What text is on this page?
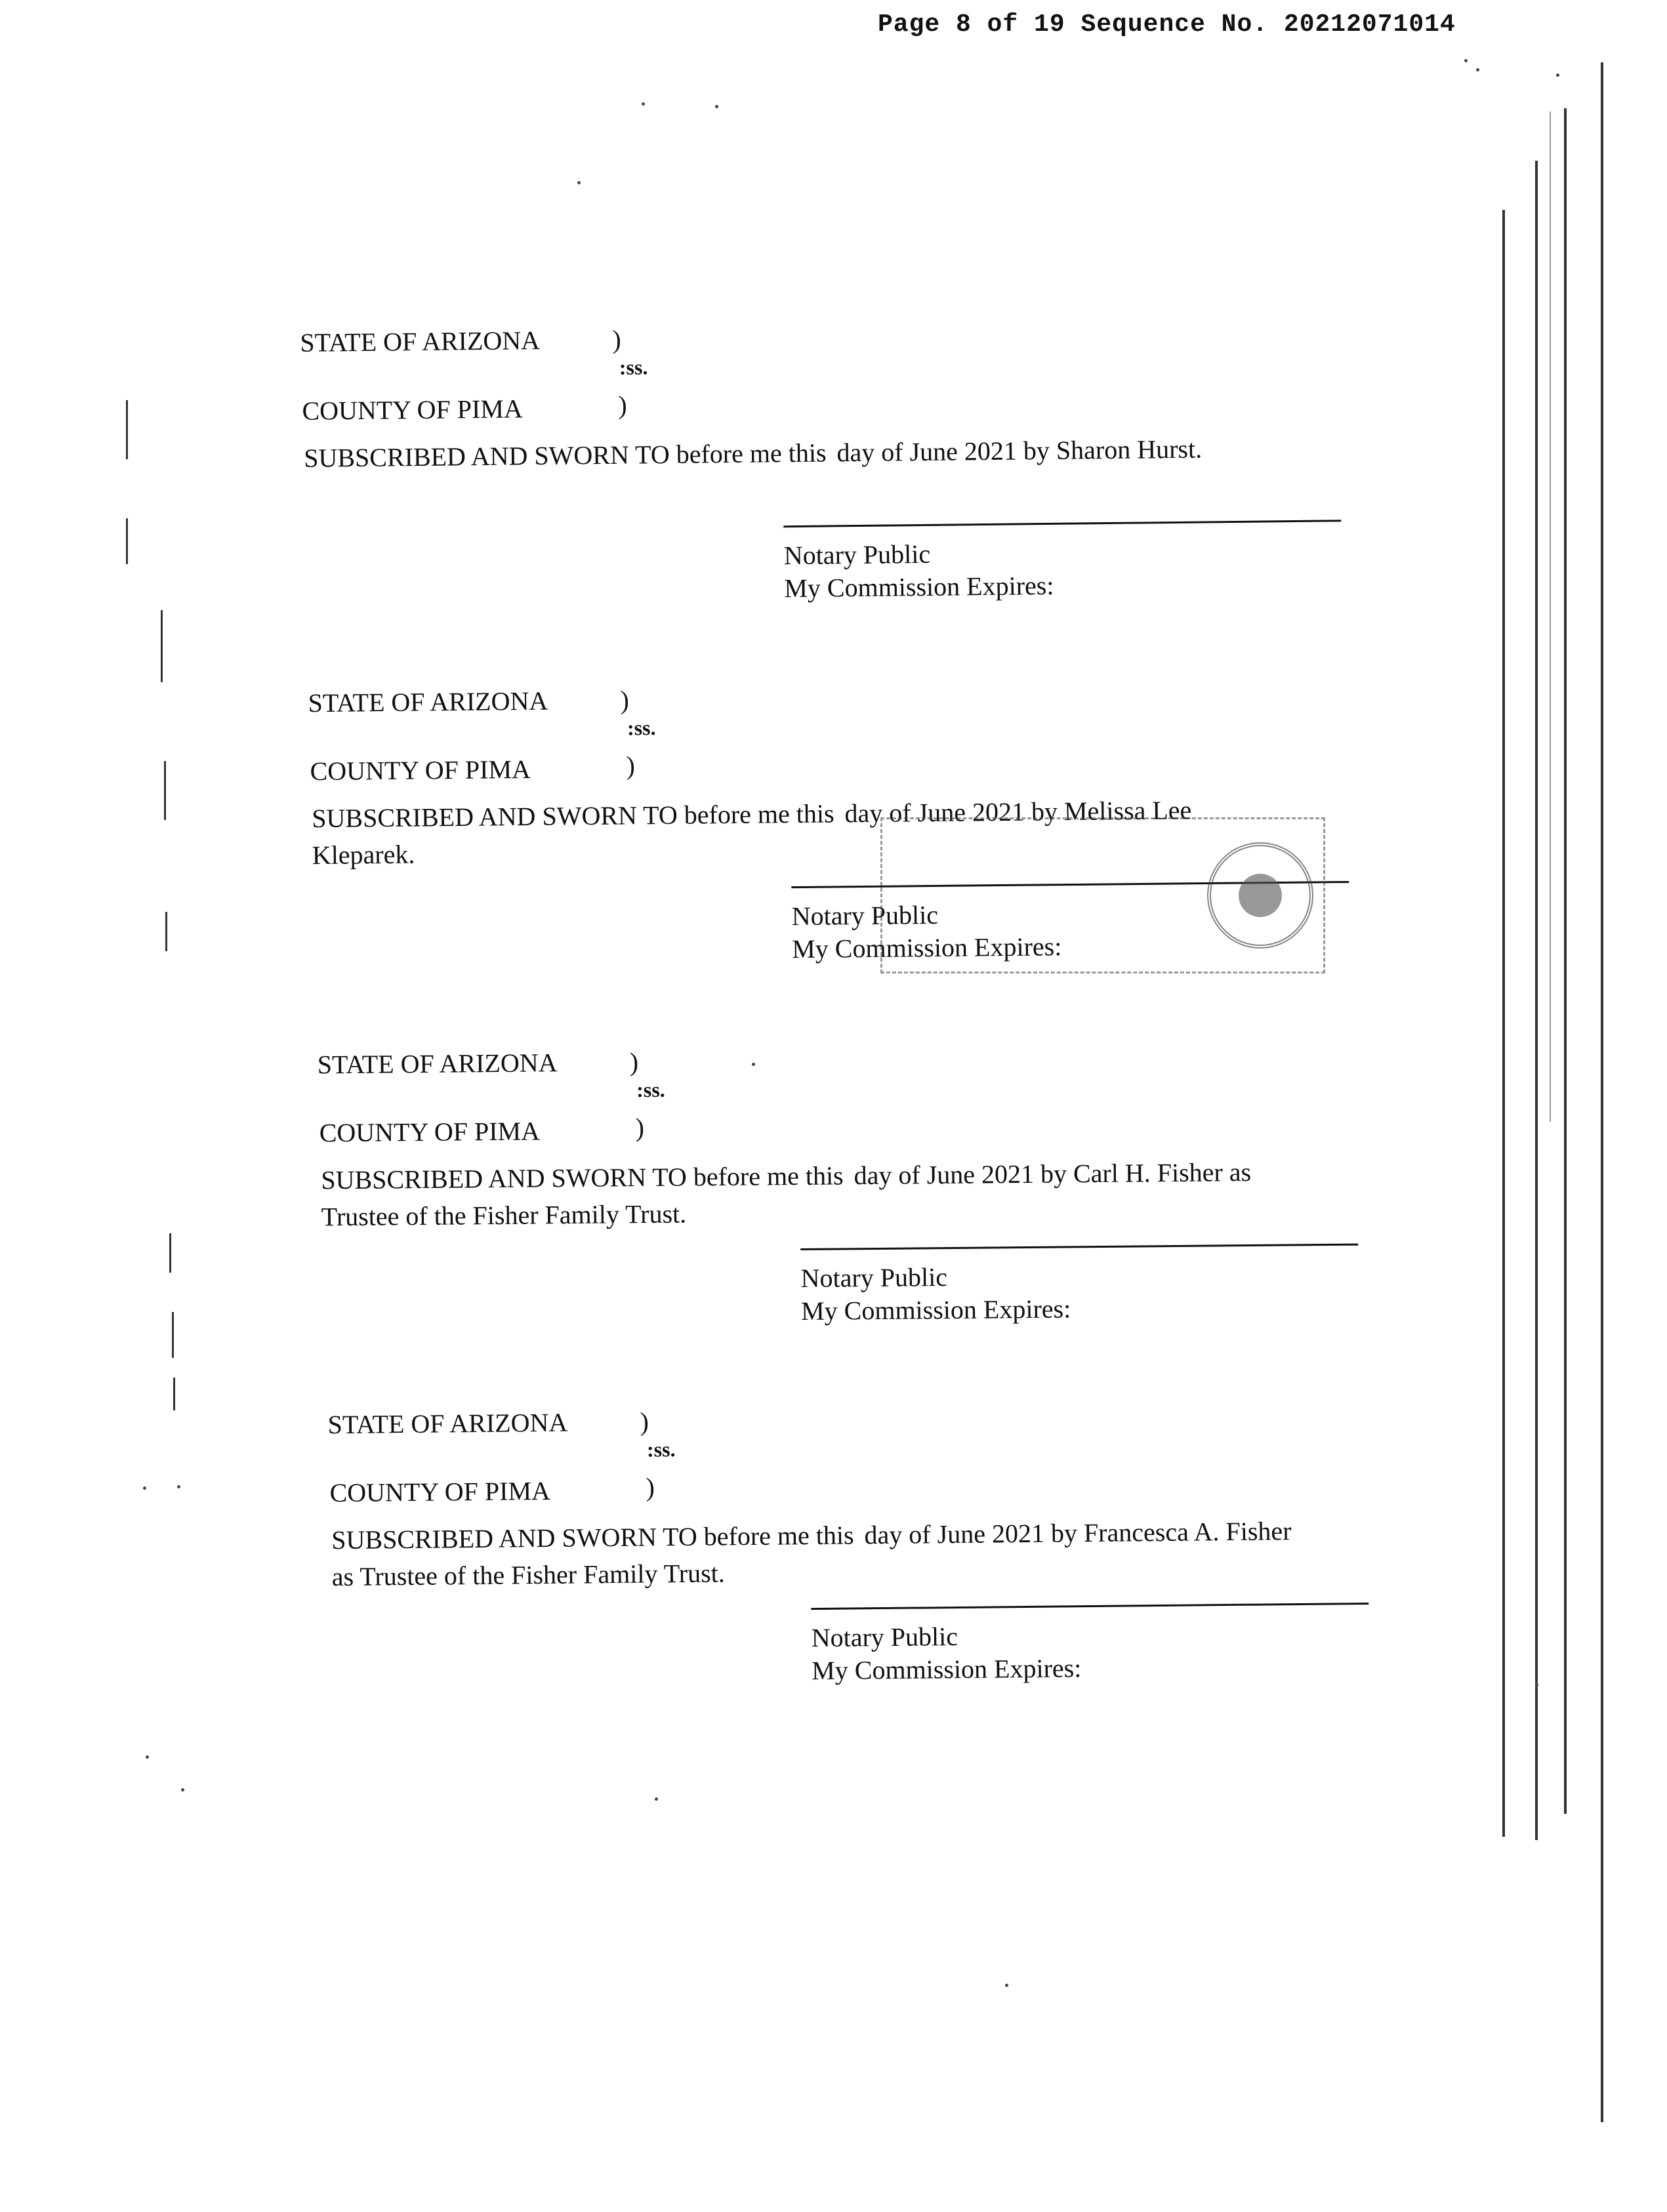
Page 8 of 19 Sequence No. 20212071014
STATE OF ARIZONA	)
:ss.
COUNTY OF PIMA	)
SUBSCRIBED AND SWORN TO before me this day of June 2021 by Sharon Hurst.
Notary Public
My Commission Expires:
STATE OF ARIZONA	)
:ss.
COUNTY OF PIMA	)
SUBSCRIBED AND SWORN TO before me this day of June 2021 by Melissa Lee
Kleparek.
Notary Public
My Commission Expires:

STATE OF ARIZONA	)
:ss.
COUNTY OF PIMA	)
SUBSCRIBED AND SWORN TO before me this day of June 2021 by Carl H. Fisher as
Trustee of the Fisher Family Trust.
Notary Public
My Commission Expires:
STATE OF ARIZONA	)
:ss.
COUNTY OF PIMA	)
SUBSCRIBED AND SWORN TO before me this day of June 2021 by Francesca A. Fisher
as Trustee of the Fisher Family Trust.
Notary Public
My Commission Expires:
